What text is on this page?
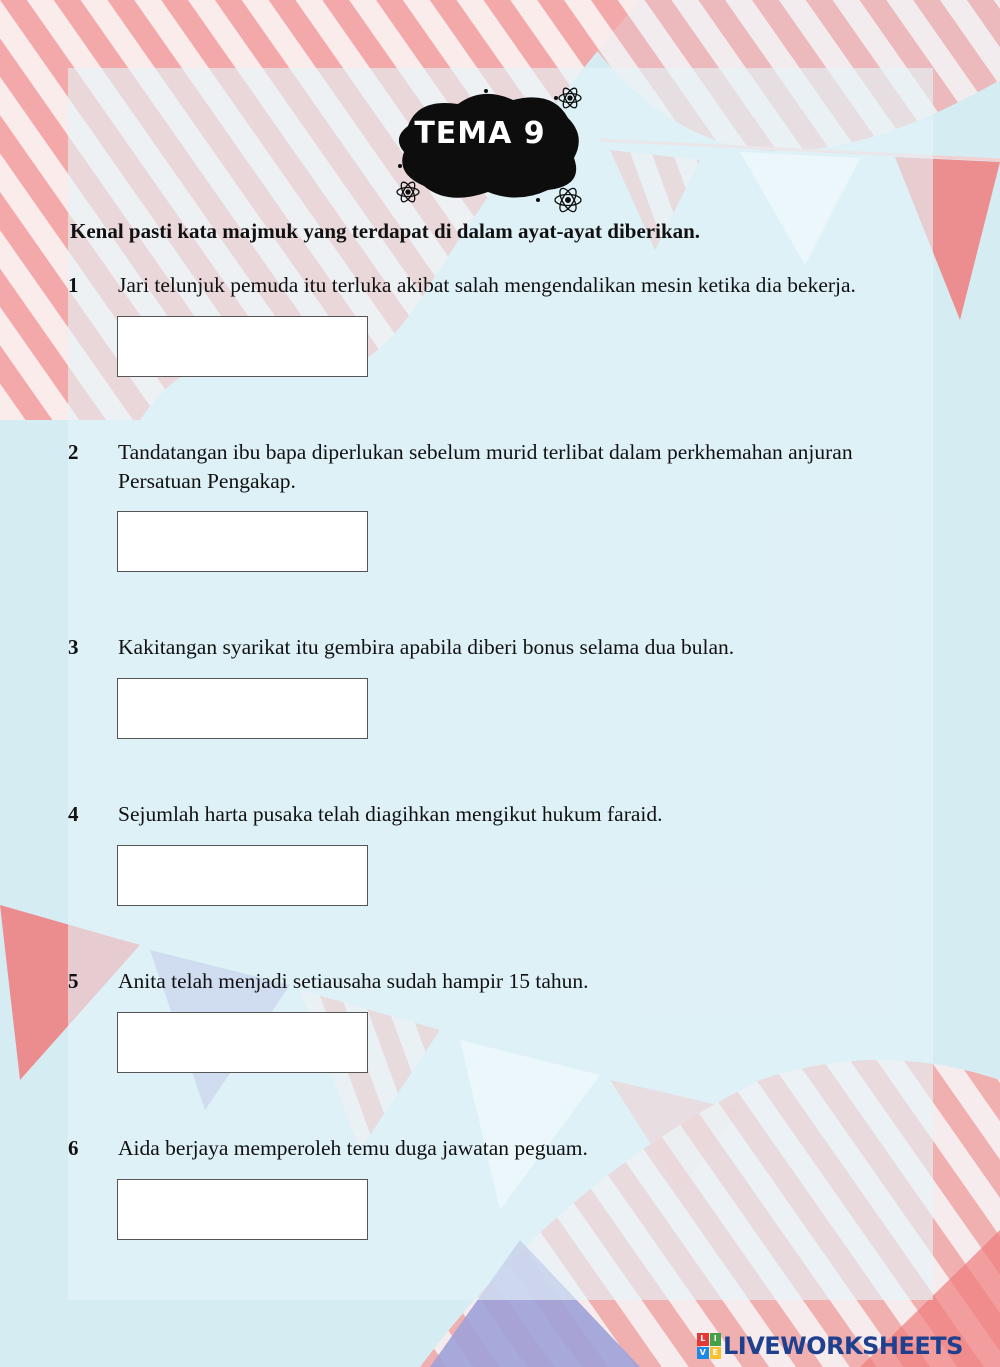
TEMA 9
Kenal pasti kata majmuk yang terdapat di dalam ayat-ayat diberikan.
1 Jari telunjuk pemuda itu terluka akibat salah mengendalikan mesin ketika dia bekerja.
2 Tandatangan ibu bapa diperlukan sebelum murid terlibat dalam perkhemahan anjuran Persatuan Pengakap.
3 Kakitangan syarikat itu gembira apabila diberi bonus selama dua bulan.
4 Sejumlah harta pusaka telah diagihkan mengikut hukum faraid.
5 Anita telah menjadi setiausaha sudah hampir 15 tahun.
6 Aida berjaya memperoleh temu duga jawatan peguam.
L	I
V E LIVEWORKSHEETS
